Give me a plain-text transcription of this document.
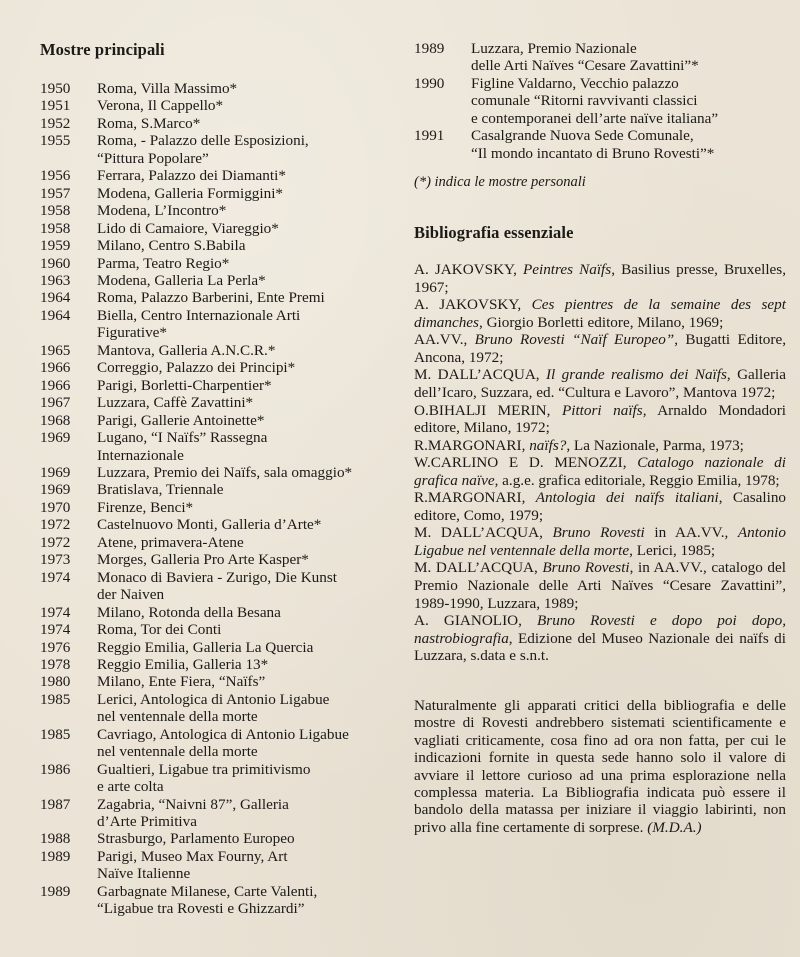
Mostre principali
1950	Roma, Villa Massimo*
1951	Verona, Il Cappello*
1952	Roma, S.Marco*
1955	Roma, - Palazzo delle Esposizioni,
“Pittura Popolare”
1956	Ferrara, Palazzo dei Diamanti*
1957	Modena, Galleria Formiggini*
1958	Modena, L’Incontro*
1958	Lido di Camaiore, Viareggio*
1959	Milano, Centro S.Babila
1960	Parma, Teatro Regio*
1963	Modena, Galleria La Perla*
1964	Roma, Palazzo Barberini, Ente Premi
1964	Biella, Centro Internazionale Arti
Figurative*
1965	Mantova, Galleria A.N.C.R.*
1966	Correggio, Palazzo dei Principi*
1966	Parigi, Borletti-Charpentier*
1967	Luzzara, Caffè Zavattini*
1968	Parigi, Gallerie Antoinette*
1969	Lugano, “I Naïfs” Rassegna
Internazionale
1969	Luzzara, Premio dei Naïfs, sala omaggio*
1969	Bratislava, Triennale
1970	Firenze, Benci*
1972	Castelnuovo Monti, Galleria d’Arte*
1972	Atene, primavera-Atene
1973	Morges, Galleria Pro Arte Kasper*
1974	Monaco di Baviera - Zurigo, Die Kunst
der Naiven
1974	Milano, Rotonda della Besana
1974	Roma, Tor dei Conti
1976	Reggio Emilia, Galleria La Quercia
1978	Reggio Emilia, Galleria 13*
1980	Milano, Ente Fiera, “Naïfs”
1985	Lerici, Antologica di Antonio Ligabue
nel ventennale della morte
1985	Cavriago, Antologica di Antonio Ligabue
nel ventennale della morte
1986	Gualtieri, Ligabue tra primitivismo
e arte colta
1987	Zagabria, “Naivni 87”, Galleria
d’Arte Primitiva
1988	Strasburgo, Parlamento Europeo
1989	Parigi, Museo Max Fourny, Art
Naïve Italienne
1989	Garbagnate Milanese, Carte Valenti,
“Ligabue tra Rovesti e Ghizzardi”
1989	Luzzara, Premio Nazionale
delle Arti Naïves “Cesare Zavattini”*
1990	Figline Valdarno, Vecchio palazzo
comunale “Ritorni ravvivanti classici
e contemporanei dell’arte naïve italiana”
1991	Casalgrande Nuova Sede Comunale,
“Il mondo incantato di Bruno Rovesti”*
(*) indica le mostre personali
Bibliografia essenziale

A. JAKOVSKY, Peintres Naïfs, Basilius presse, Bruxelles, 1967;

A. JAKOVSKY, Ces pientres de la semaine des sept dimanches, Giorgio Borletti editore, Milano, 1969;

AA.VV., Bruno Rovesti “Naïf Europeo”, Bugatti Editore, Ancona, 1972;

M. DALL’ACQUA, Il grande realismo dei Naïfs, Galleria dell’Icaro, Suzzara, ed. “Cultura e Lavoro”, Mantova 1972;

O.BIHALJI MERIN, Pittori naïfs, Arnaldo Mondadori editore, Milano, 1972;

R.MARGONARI, naïfs?, La Nazionale, Parma, 1973;

W.CARLINO E D. MENOZZI, Catalogo nazionale di grafica naïve, a.g.e. grafica editoriale, Reggio Emilia, 1978;

R.MARGONARI, Antologia dei naïfs italiani, Casalino editore, Como, 1979;

M. DALL’ACQUA, Bruno Rovesti in AA.VV., Antonio Ligabue nel ventennale della morte, Lerici, 1985;

M. DALL’ACQUA, Bruno Rovesti, in AA.VV., catalogo del Premio Nazionale delle Arti Naïves “Cesare Zavattini”, 1989-1990, Luzzara, 1989;

A. GIANOLIO, Bruno Rovesti e dopo poi dopo, nastrobiografia, Edizione del Museo Nazionale dei naïfs di Luzzara, s.data e s.n.t.

Naturalmente gli apparati critici della bibliografia e delle mostre di Rovesti andrebbero sistemati scientificamente e vagliati criticamente, cosa fino ad ora non fatta, per cui le indicazioni fornite in questa sede hanno solo il valore di avviare il lettore curioso ad una prima esplorazione nella complessa materia. La Bibliografia indicata può essere il bandolo della matassa per iniziare il viaggio labirinti, non privo alla fine certamente di sorprese. (M.D.A.)
